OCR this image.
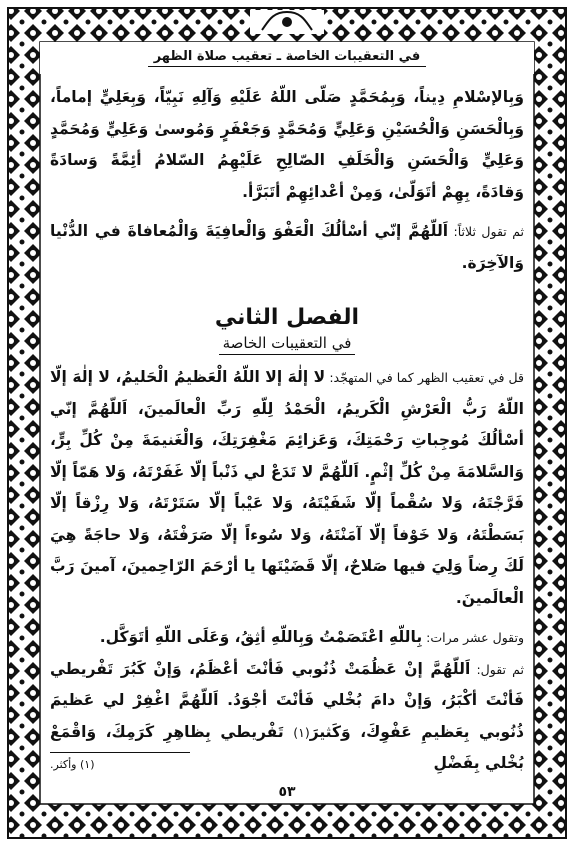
في التعقيبات الخاصة ـ تعقيب صلاة الظهر

وَبِالإسْلامِ دِيناً، وَبِمُحَمَّدٍ صَلّى اللّهُ عَلَيْهِ وَآلِهِ نَبِيّاً، وَبِعَلِيٍّ إماماً، وَبِالْحَسَنِ وَالْحُسَيْنِ وَعَلِيٍّ وَمُحَمَّدٍ وَجَعْفَرٍ وَمُوسىٰ وَعَلِيٍّ وَمُحَمَّدٍ وَعَلِيٍّ وَالْحَسَنِ وَالْخَلَفِ الصّالِحِ عَلَيْهِمُ السّلامُ أئِمَّةً وَسادَةً وَقادَةً، بِهِمْ أتَوَلّىٰ، وَمِنْ أعْدائِهِمْ أتَبَرَّأ.

ثم تقول ثلاثاً: اَللّهُمَّ إنّي أسْألُكَ الْعَفْوَ وَالْعافِيَةَ وَالْمُعافاةَ في الدُّنْيا وَالآخِرَة.

الفصل الثاني
في التعقيبات الخاصة

قل في تعقيب الظهر كما في المتهجّد: لا إلٰهَ إلا اللّهُ الْعَظيمُ الْحَليمُ، لا إلٰهَ إلّا اللّهُ رَبُّ الْعَرْشِ الْكَريمُ، الْحَمْدُ لِلّهِ رَبِّ الْعالَمينَ، اَللّهُمَّ إنّي أسْألُكَ مُوجِباتِ رَحْمَتِكَ، وَعَزائِمَ مَغْفِرَتِكَ، وَالْغَنيمَةَ مِنْ كُلِّ بِرٍّ، وَالسَّلامَةَ مِنْ كُلِّ إثْمٍ. اَللّهُمَّ لا تَدَعْ لي ذَنْباً إلّا غَفَرْتَهُ، وَلا هَمّاً إلّا فَرَّجْتَهُ، وَلا سُقْماً إلّا شَفَيْتَهُ، وَلا عَيْباً إلّا سَتَرْتَهُ، وَلا رِزْقاً إلّا بَسَطْتَهُ، وَلا خَوْفاً إلّا آمَنْتَهُ، وَلا سُوءاً إلّا صَرَفْتَهُ، وَلا حاجَةً هِيَ لَكَ رِضاً وَلِيَ فيها صَلاحٌ، إلّا قَضَيْتَها يا أرْحَمَ الرّاحِمينَ، آمينَ رَبَّ الْعالَمينَ.

وتقول عشر مرات: بِاللّهِ اعْتَصَمْتُ وَبِاللّهِ أثِقُ، وَعَلَى اللّهِ أتَوَكَّل.

ثم تقول: اَللّهُمَّ إنْ عَظُمَتْ ذُنُوبي فَأنْتَ أعْظَمُ، وَإنْ كَبُرَ تَفْريطي فَأنْتَ أكْبَرُ، وَإنْ دامَ بُخْلي فَأنْتَ أجْوَدُ. اَللّهُمَّ اغْفِرْ لي عَظيمَ ذُنُوبي بِعَظيمِ عَفْوِكَ، وَكَثيرَ(١) تَفْريطي بِظاهِرِ كَرَمِكَ، وَاقْمَعْ بُخْلي بِفَضْلِ

(١) وأكثر.
٥٣
